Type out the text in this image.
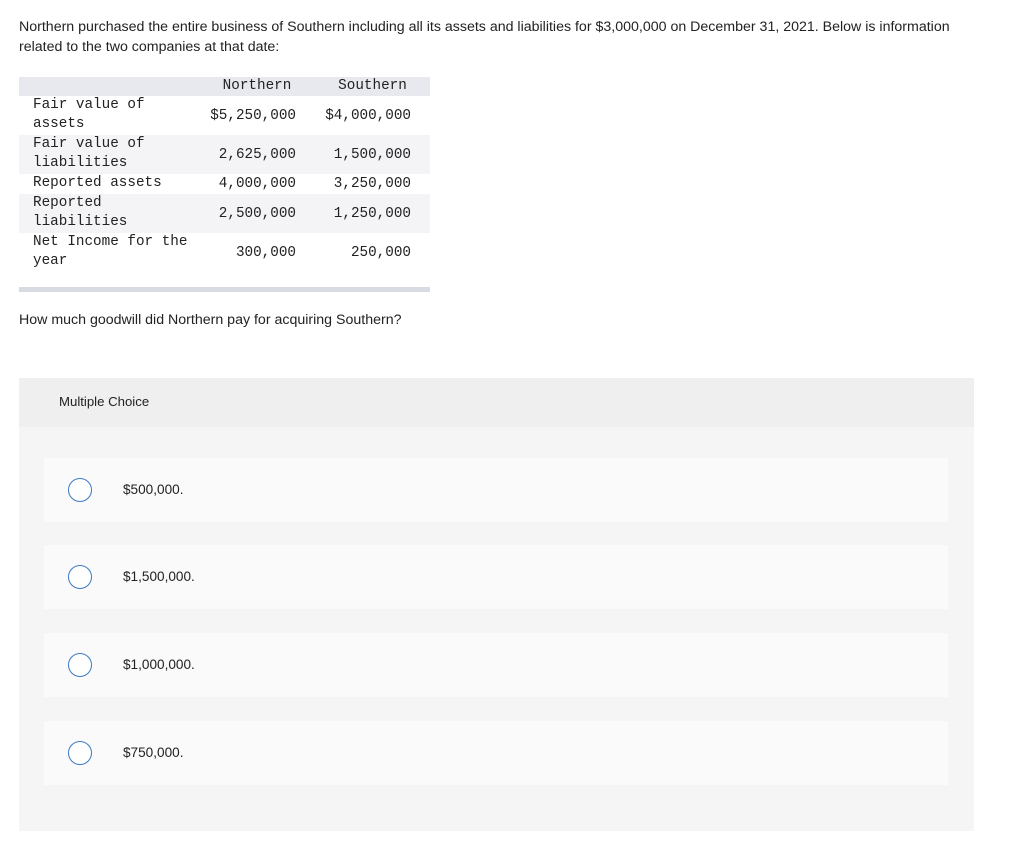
Northern purchased the entire business of Southern including all its assets and liabilities for $3,000,000 on December 31, 2021. Below is information related to the two companies at that date:

	Northern	Southern
Fair value of assets	$5,250,000	$4,000,000
Fair value of liabilities	2,625,000	1,500,000
Reported assets	4,000,000	3,250,000
Reported liabilities	2,500,000	1,250,000
Net Income for the year	300,000	250,000

How much goodwill did Northern pay for acquiring Southern?

Multiple Choice
$500,000.
$1,500,000.
$1,000,000.
$750,000.
